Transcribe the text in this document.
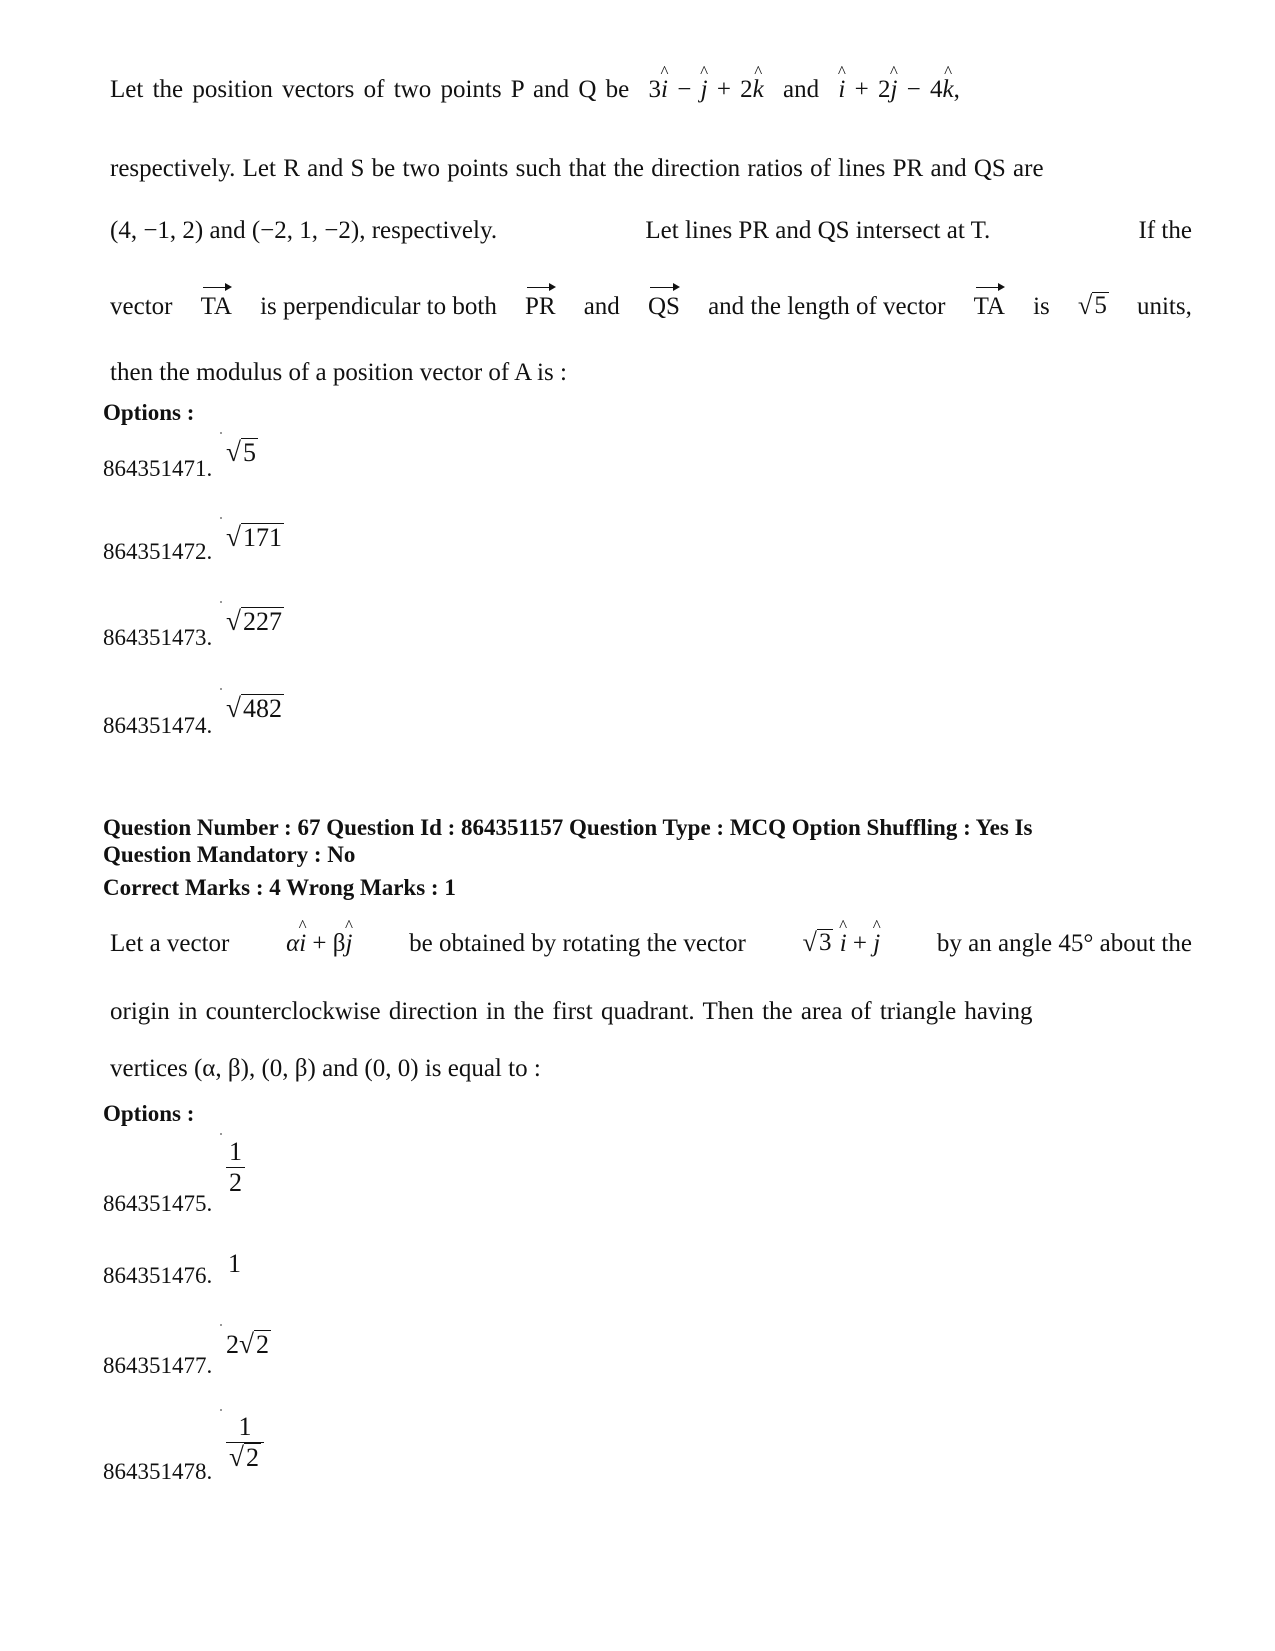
Let the position vectors of two points P and Q be 3^ i − ^ j + 2^ k and ^ i + 2^ j − 4^ k,
respectively. Let R and S be two points such that the direction ratios of lines PR and QS are
(4, −1, 2) and (−2, 1, −2), respectively.	Let lines PR and QS intersect at T.	If the
vector TA is perpendicular to both PR and QS and the length of vector TA is √ 5 units,
then the modulus of a position vector of A is :
Options :
864351471.
√ 5
864351472. √ 171
864351473.
√ 227
864351474.
√ 482
Question Number : 67 Question Id : 864351157 Question Type : MCQ Option Shuffling : Yes Is
Question Mandatory : No
Correct Marks : 4 Wrong Marks : 1
Let a vector α^ i + β^ j be obtained by rotating the vector √ 3 ^ i + ^ j by an angle 45° about the
origin in counterclockwise direction in the first quadrant. Then the area of triangle having
vertices (α, β), (0, β) and (0, 0) is equal to :
Options :
864351475.
$\frac{1}{2}$
864351476. 1
864351477.
2 √ 2
864351478. $\frac{1}{√ 2}$
